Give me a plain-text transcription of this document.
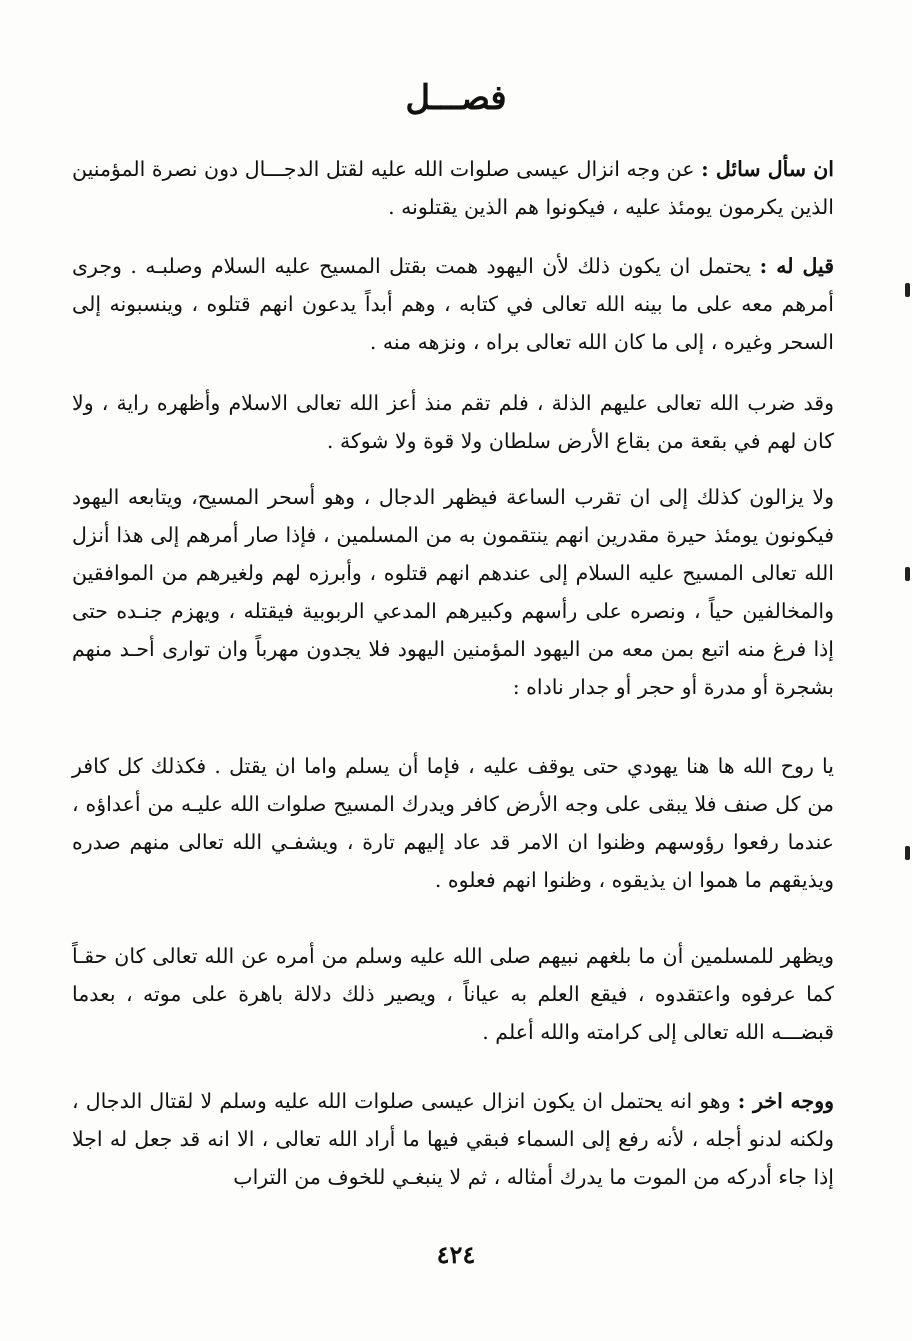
فصـــل
ان سأل سائل : عن وجه انزال عيسى صلوات الله عليه لقتل الدجـــال دون نصرة المؤمنين الذين يكرمون يومئذ عليه ، فيكونوا هم الذين يقتلونه .
قيل له : يحتمل ان يكون ذلك لأن اليهود همت بقتل المسيح عليه السلام وصلبـه . وجرى أمرهم معه على ما بينه الله تعالى في كتابه ، وهم أبداً يدعون انهم قتلوه ، وينسبونه إلى السحر وغيره ، إلى ما كان الله تعالى براه ، ونزهه منه .
وقد ضرب الله تعالى عليهم الذلة ، فلم تقم منذ أعز الله تعالى الاسلام وأظهره راية ، ولا كان لهم في بقعة من بقاع الأرض سلطان ولا قوة ولا شوكة .
ولا يزالون كذلك إلى ان تقرب الساعة فيظهر الدجال ، وهو أسحر المسيح، ويتابعه اليهود فيكونون يومئذ حيرة مقدرين انهم ينتقمون به من المسلمين ، فإذا صار أمرهم إلى هذا أنزل الله تعالى المسيح عليه السلام إلى عندهم انهم قتلوه ، وأبرزه لهم ولغيرهم من الموافقين والمخالفين حياً ، ونصره على رأسهم وكبيرهم المدعي الربوبية فيقتله ، ويهزم جنـده حتى إذا فرغ منه اتبع بمن معه من اليهود المؤمنين اليهود فلا يجدون مهرباً وان توارى أحـد منهم بشجرة أو مدرة أو حجر أو جدار ناداه :
يا روح الله ها هنا يهودي حتى يوقف عليه ، فإما أن يسلم واما ان يقتل . فكذلك كل كافر من كل صنف فلا يبقى على وجه الأرض كافر ويدرك المسيح صلوات الله عليـه من أعداؤه ، عندما رفعوا رؤوسهم وظنوا ان الامر قد عاد إليهم تارة ، ويشفـي الله تعالى منهم صدره ويذيقهم ما هموا ان يذيقوه ، وظنوا انهم فعلوه .
ويظهر للمسلمين أن ما بلغهم نبيهم صلى الله عليه وسلم من أمره عن الله تعالى كان حقـاً كما عرفوه واعتقدوه ، فيقع العلم به عياناً ، ويصير ذلك دلالة باهرة على موته ، بعدما قبضـــه الله تعالى إلى كرامته والله أعلم .
ووجه اخر : وهو انه يحتمل ان يكون انزال عيسى صلوات الله عليه وسلم لا لقتال الدجال ، ولكنه لدنو أجله ، لأنه رفع إلى السماء فبقي فيها ما أراد الله تعالى ، الا انه قد جعل له اجلا إذا جاء أدركه من الموت ما يدرك أمثاله ، ثم لا ينبغـي للخوف من التراب
٤٢٤
